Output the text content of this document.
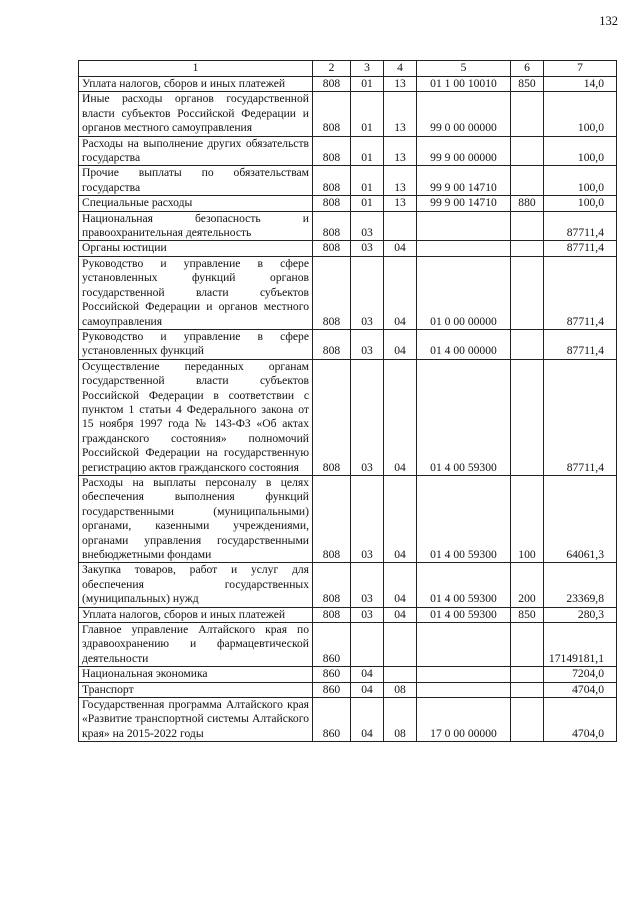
132
1	2	3	4	5	6	7
Уплата налогов, сборов и иных платежей	808	01	13	01 1 00 10010	850	14,0
Иные расходы органов государственной власти субъектов Российской Федерации и органов местного самоуправления	808	01	13	99 0 00 00000		100,0
Расходы на выполнение других обязательств государства	808	01	13	99 9 00 00000		100,0
Прочие выплаты по обязательствам государства	808	01	13	99 9 00 14710		100,0
Специальные расходы	808	01	13	99 9 00 14710	880	100,0
Национальная безопасность и правоохранительная деятельность	808	03				87711,4
Органы юстиции	808	03	04			87711,4
Руководство и управление в сфере установленных функций органов государственной власти субъектов Российской Федерации и органов местного самоуправления	808	03	04	01 0 00 00000		87711,4
Руководство и управление в сфере установленных функций	808	03	04	01 4 00 00000		87711,4
Осуществление переданных органам государственной власти субъектов Российской Федерации в соответствии с пунктом 1 статьи 4 Федерального закона от 15 ноября 1997 года № 143-ФЗ «Об актах гражданского состояния» полномочий Российской Федерации на государственную регистрацию актов гражданского состояния	808	03	04	01 4 00 59300		87711,4
Расходы на выплаты персоналу в целях обеспечения выполнения функций государственными (муниципальными) органами, казенными учреждениями, органами управления государственными внебюджетными фондами	808	03	04	01 4 00 59300	100	64061,3
Закупка товаров, работ и услуг для обеспечения государственных (муниципальных) нужд	808	03	04	01 4 00 59300	200	23369,8
Уплата налогов, сборов и иных платежей	808	03	04	01 4 00 59300	850	280,3
Главное управление Алтайского края по здравоохранению и фармацевтической деятельности	860					17149181,1
Национальная экономика	860	04				7204,0
Транспорт	860	04	08			4704,0
Государственная программа Алтайского края «Развитие транспортной системы Алтайского края» на 2015-2022 годы	860	04	08	17 0 00 00000		4704,0
